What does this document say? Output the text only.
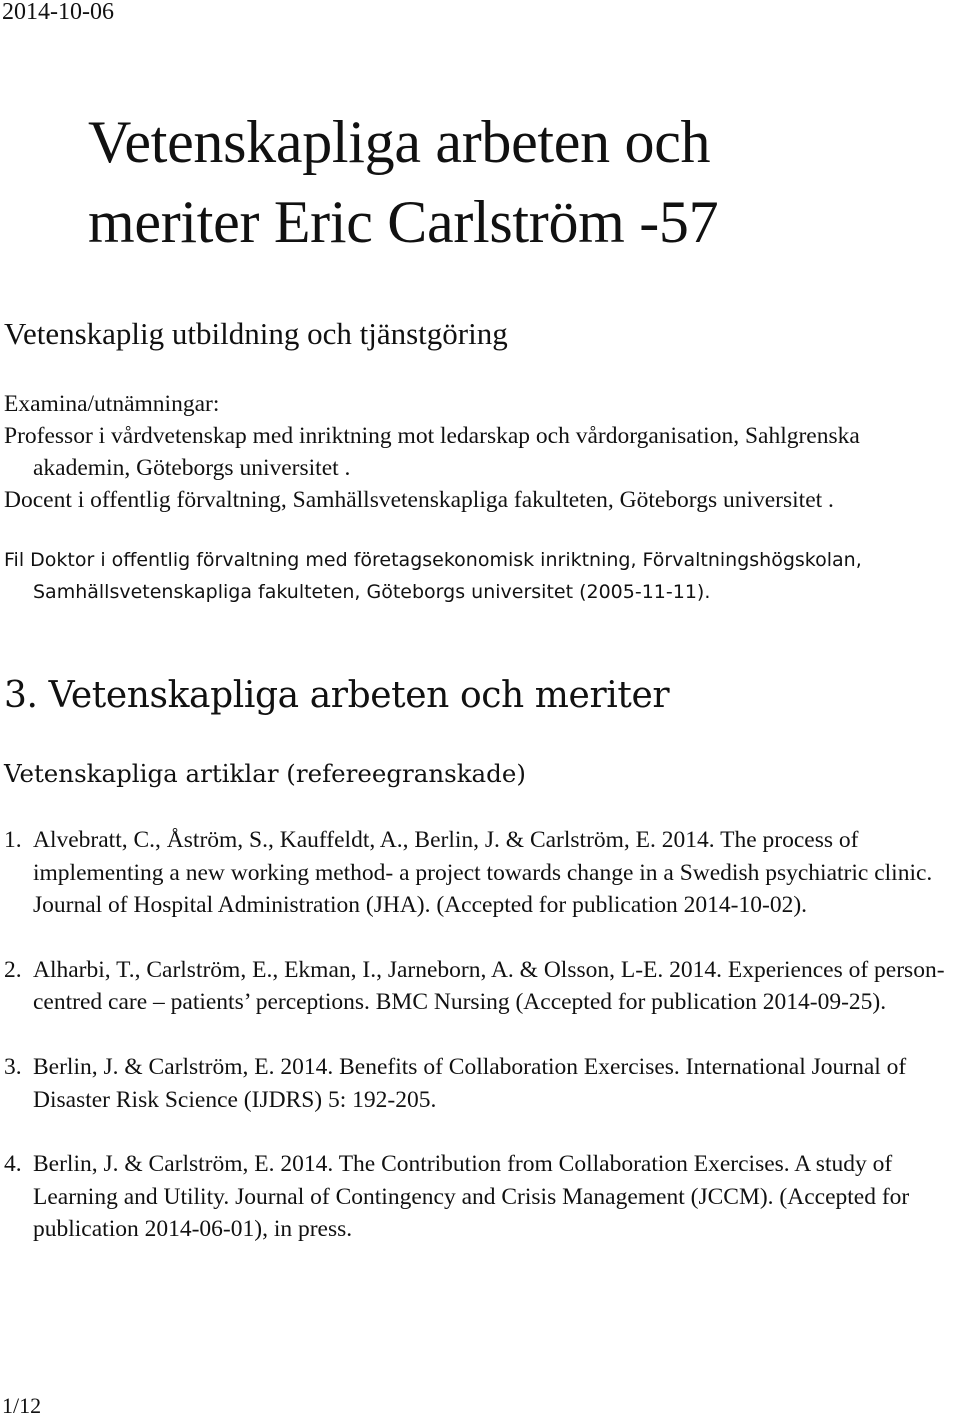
2014-10-06
Vetenskapliga arbeten och
meriter Eric Carlström -57
Vetenskaplig utbildning och tjänstgöring
Examina/utnämningar:
Professor i vårdvetenskap med inriktning mot ledarskap och vårdorganisation, Sahlgrenska akademin, Göteborgs universitet .
Docent i offentlig förvaltning, Samhällsvetenskapliga fakulteten, Göteborgs universitet .
Fil Doktor i offentlig förvaltning med företagsekonomisk inriktning, Förvaltningshögskolan, Samhällsvetenskapliga fakulteten, Göteborgs universitet (2005-11-11).
3. Vetenskapliga arbeten och meriter
Vetenskapliga artiklar (refereegranskade)
1. Alvebratt, C., Åström, S., Kauffeldt, A., Berlin, J. & Carlström, E. 2014. The process of implementing a new working method- a project towards change in a Swedish psychiatric clinic. Journal of Hospital Administration (JHA). (Accepted for publication 2014-10-02).
2. Alharbi, T., Carlström, E., Ekman, I., Jarneborn, A. & Olsson, L-E. 2014. Experiences of person-centred care – patients’ perceptions. BMC Nursing (Accepted for publication 2014-09-25).
3. Berlin, J. & Carlström, E. 2014. Benefits of Collaboration Exercises. International Journal of Disaster Risk Science (IJDRS) 5: 192-205.
4. Berlin, J. & Carlström, E. 2014. The Contribution from Collaboration Exercises. A study of Learning and Utility. Journal of Contingency and Crisis Management (JCCM). (Accepted for publication 2014-06-01), in press.
1/12
